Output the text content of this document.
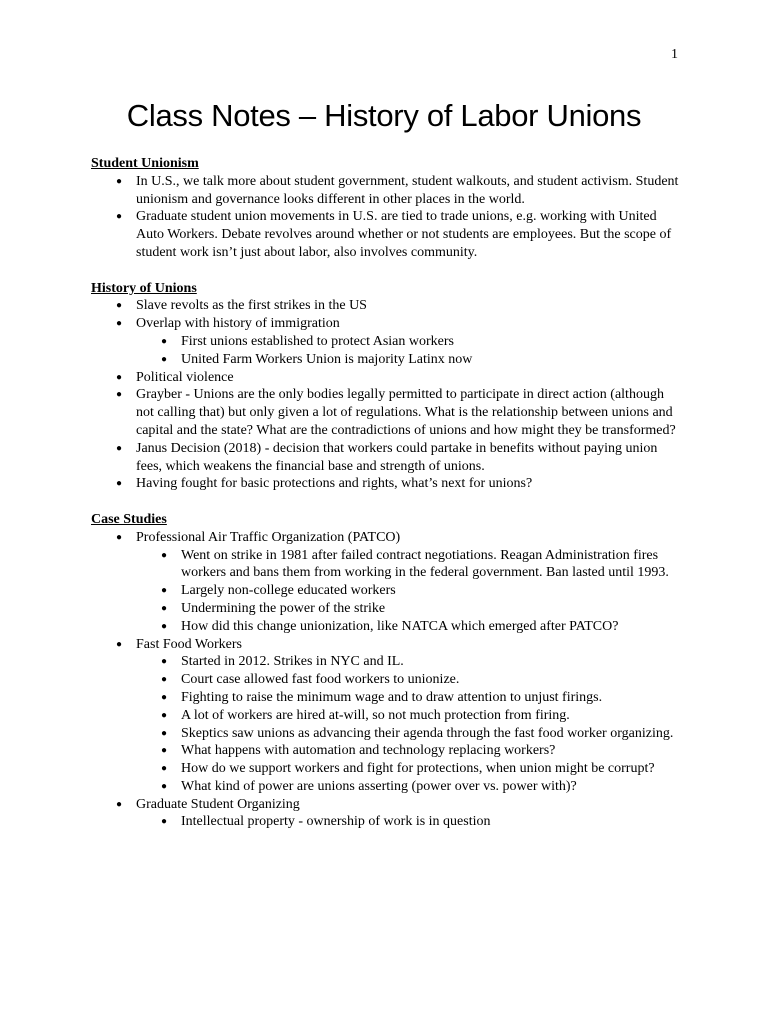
1
Class Notes – History of Labor Unions
Student Unionism
● In U.S., we talk more about student government, student walkouts, and student activism. Student unionism and governance looks different in other places in the world.
● Graduate student union movements in U.S. are tied to trade unions, e.g. working with United Auto Workers. Debate revolves around whether or not students are employees. But the scope of student work isn’t just about labor, also involves community.
History of Unions
● Slave revolts as the first strikes in the US
● Overlap with history of immigration
● First unions established to protect Asian workers
● United Farm Workers Union is majority Latinx now
● Political violence
● Grayber - Unions are the only bodies legally permitted to participate in direct action (although not calling that) but only given a lot of regulations. What is the relationship between unions and capital and the state? What are the contradictions of unions and how might they be transformed?
● Janus Decision (2018) - decision that workers could partake in benefits without paying union fees, which weakens the financial base and strength of unions.
● Having fought for basic protections and rights, what’s next for unions?
Case Studies
● Professional Air Traffic Organization (PATCO)
● Went on strike in 1981 after failed contract negotiations. Reagan Administration fires workers and bans them from working in the federal government. Ban lasted until 1993.
● Largely non-college educated workers
● Undermining the power of the strike
● How did this change unionization, like NATCA which emerged after PATCO?
● Fast Food Workers
● Started in 2012. Strikes in NYC and IL.
● Court case allowed fast food workers to unionize.
● Fighting to raise the minimum wage and to draw attention to unjust firings.
● A lot of workers are hired at-will, so not much protection from firing.
● Skeptics saw unions as advancing their agenda through the fast food worker organizing.
● What happens with automation and technology replacing workers?
● How do we support workers and fight for protections, when union might be corrupt?
● What kind of power are unions asserting (power over vs. power with)?
● Graduate Student Organizing
● Intellectual property - ownership of work is in question
